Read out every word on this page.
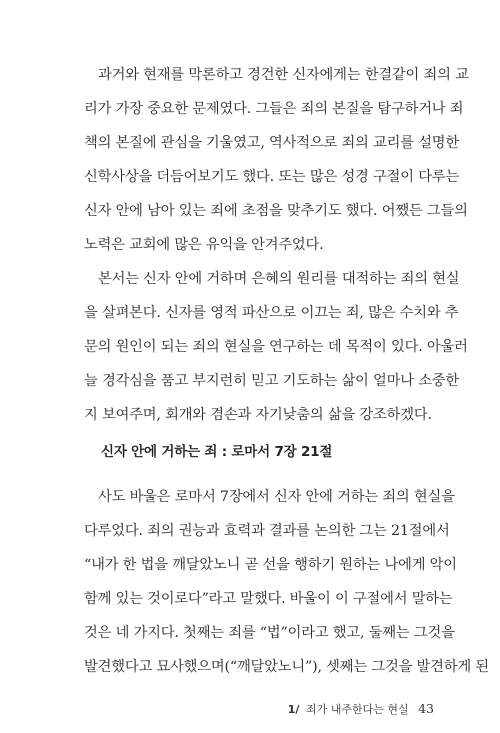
과거와 현재를 막론하고 경건한 신자에게는 한결같이 죄의 교
리가 가장 중요한 문제였다. 그들은 죄의 본질을 탐구하거나 죄
책의 본질에 관심을 기울였고, 역사적으로 죄의 교리를 설명한
신학사상을 더듬어보기도 했다. 또는 많은 성경 구절이 다루는
신자 안에 남아 있는 죄에 초점을 맞추기도 했다. 어쨌든 그들의
노력은 교회에 많은 유익을 안겨주었다.
본서는 신자 안에 거하며 은혜의 원리를 대적하는 죄의 현실
을 살펴본다. 신자를 영적 파산으로 이끄는 죄, 많은 수치와 추
문의 원인이 되는 죄의 현실을 연구하는 데 목적이 있다. 아울러
늘 경각심을 품고 부지런히 믿고 기도하는 삶이 얼마나 소중한
지 보여주며, 회개와 겸손과 자기낮춤의 삶을 강조하겠다.
신자 안에 거하는 죄 : 로마서 7장 21절
사도 바울은 로마서 7장에서 신자 안에 거하는 죄의 현실을
다루었다. 죄의 권능과 효력과 결과를 논의한 그는 21절에서
“내가 한 법을 깨달았노니 곧 선을 행하기 원하는 나에게 악이
함께 있는 것이로다”라고 말했다. 바울이 이 구절에서 말하는
것은 네 가지다. 첫째는 죄를 “법”이라고 했고, 둘째는 그것을
발견했다고 묘사했으며(“깨달았노니”), 셋째는 그것을 발견하게 된
1/ 죄가 내주한다는 현실 43
